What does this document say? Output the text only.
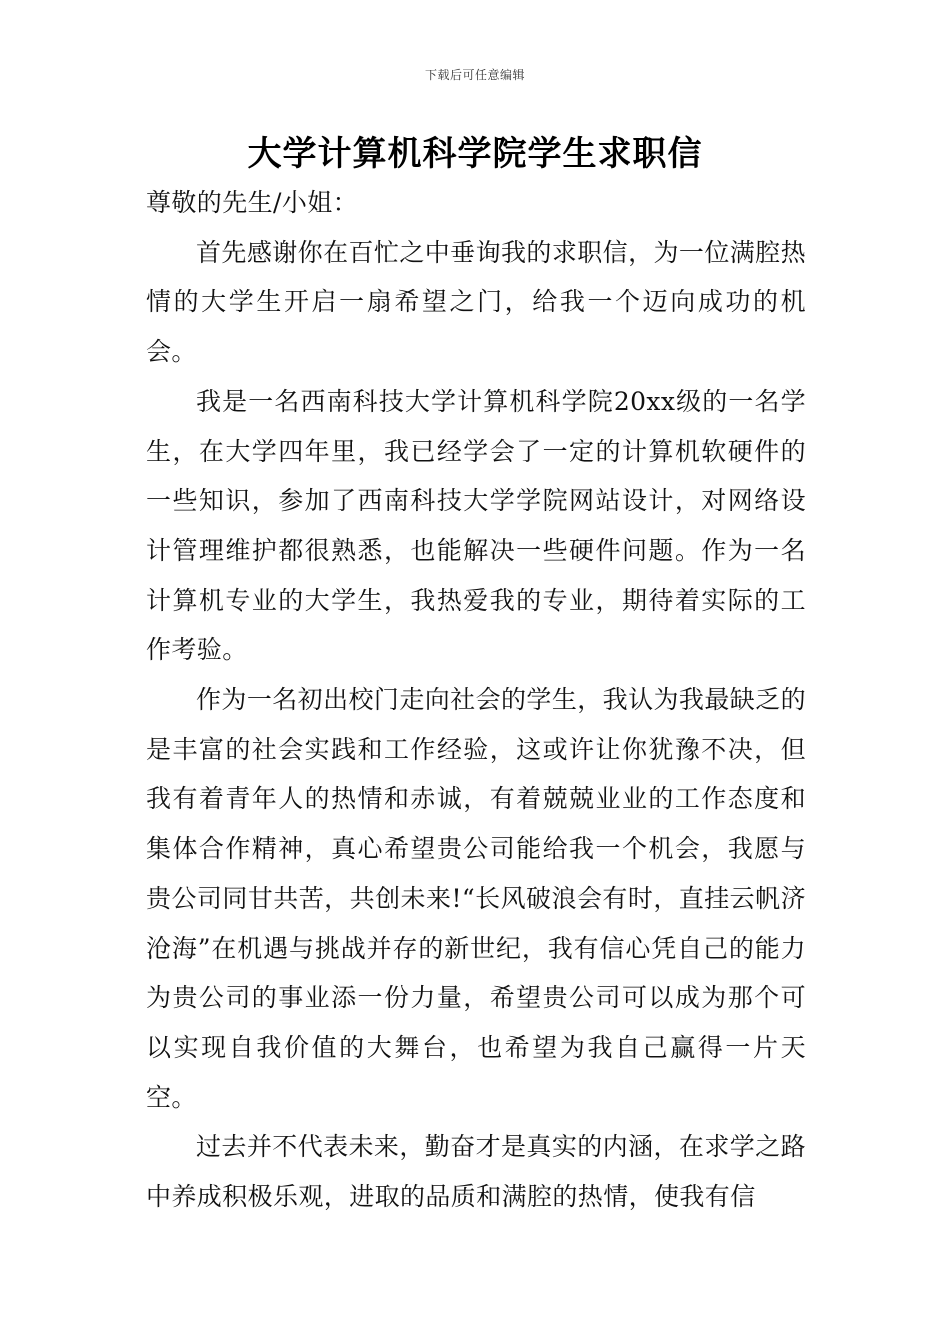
下载后可任意编辑
大学计算机科学院学生求职信

尊敬的先生/小姐：

首先感谢你在百忙之中垂询我的求职信，为一位满腔热情的大学生开启一扇希望之门，给我一个迈向成功的机会。

我是一名西南科技大学计算机科学院20xx级的一名学生，在大学四年里，我已经学会了一定的计算机软硬件的一些知识，参加了西南科技大学学院网站设计，对网络设计管理维护都很熟悉，也能解决一些硬件问题。作为一名计算机专业的大学生，我热爱我的专业，期待着实际的工作考验。

作为一名初出校门走向社会的学生，我认为我最缺乏的是丰富的社会实践和工作经验，这或许让你犹豫不决，但我有着青年人的热情和赤诚，有着兢兢业业的工作态度和集体合作精神，真心希望贵公司能给我一个机会，我愿与贵公司同甘共苦，共创未来!“长风破浪会有时，直挂云帆济沧海”在机遇与挑战并存的新世纪，我有信心凭自己的能力为贵公司的事业添一份力量，希望贵公司可以成为那个可以实现自我价值的大舞台，也希望为我自己赢得一片天空。

过去并不代表未来，勤奋才是真实的内涵，在求学之路中养成积极乐观，进取的品质和满腔的热情，使我有信
